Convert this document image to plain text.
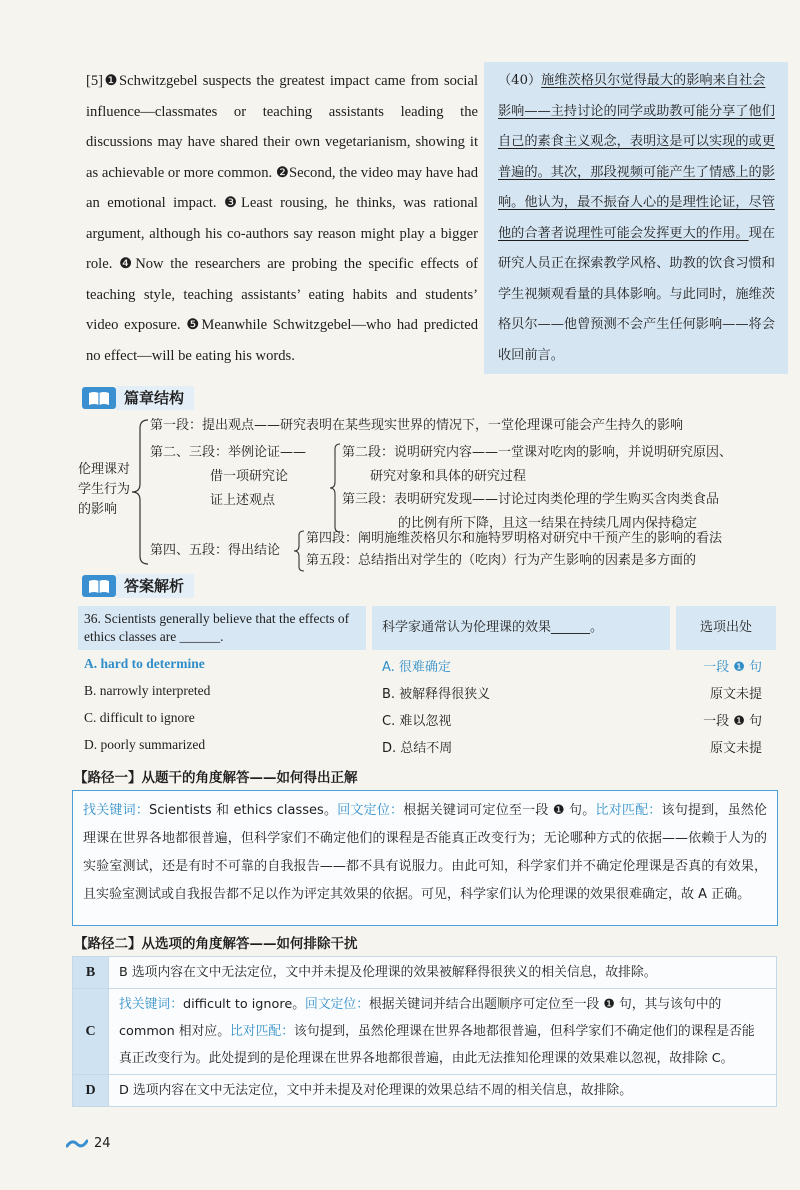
[5]❶Schwitzgebel suspects the greatest impact came from social influence—classmates or teaching assistants leading the discussions may have shared their own vegetarianism, showing it as achievable or more common. ❷Second, the video may have had an emotional impact. ❸Least rousing, he thinks, was rational argument, although his co-authors say reason might play a bigger role. ❹Now the researchers are probing the specific effects of teaching style, teaching assistants’ eating habits and students’ video exposure. ❺Meanwhile Schwitzgebel—who had predicted no effect—will be eating his words.
（40）施维茨格贝尔觉得最大的影响来自社会影响——主持讨论的同学或助教可能分享了他们自己的素食主义观念，表明这是可以实现的或更普遍的。其次，那段视频可能产生了情感上的影响。他认为，最不振奋人心的是理性论证，尽管他的合著者说理性可能会发挥更大的作用。现在研究人员正在探索教学风格、助教的饮食习惯和学生视频观看量的具体影响。与此同时，施维茨格贝尔——他曾预测不会产生任何影响——将会收回前言。
篇章结构
伦理课对
学生行为
的影响
第一段：提出观点——研究表明在某些现实世界的情况下，一堂伦理课可能会产生持久的影响
第二、三段：举例论证——
借一项研究论
证上述观点
第二段：说明研究内容——一堂课对吃肉的影响，并说明研究原因、
研究对象和具体的研究过程
第三段：表明研究发现——讨论过肉类伦理的学生购买含肉类食品
的比例有所下降，且这一结果在持续几周内保持稳定
第四、五段：得出结论
第四段：阐明施维茨格贝尔和施特罗明格对研究中干预产生的影响的看法
第五段：总结指出对学生的（吃肉）行为产生影响的因素是多方面的
答案解析
36. Scientists generally believe that the effects of
ethics classes are ______.
科学家通常认为伦理课的效果______。	选项出处
A. hard to determine	A. 很难确定	一段 ❶ 句
B. narrowly interpreted	B. 被解释得很狭义	原文未提
C. difficult to ignore	C. 难以忽视	一段 ❶ 句
D. poorly summarized	D. 总结不周	原文未提
【路径一】从题干的角度解答——如何得出正解
找关键词：Scientists 和 ethics classes。回文定位：根据关键词可定位至一段 ❶ 句。比对匹配：该句提到，虽然伦理课在世界各地都很普遍，但科学家们不确定他们的课程是否能真正改变行为；无论哪种方式的依据——依赖于人为的实验室测试，还是有时不可靠的自我报告——都不具有说服力。由此可知，科学家们并不确定伦理课是否真的有效果，且实验室测试或自我报告都不足以作为评定其效果的依据。可见，科学家们认为伦理课的效果很难确定，故 A 正确。
【路径二】从选项的角度解答——如何排除干扰
B	B 选项内容在文中无法定位，文中并未提及伦理课的效果被解释得很狭义的相关信息，故排除。
C	找关键词：difficult to ignore。回文定位：根据关键词并结合出题顺序可定位至一段 ❶ 句，其与该句中的 common 相对应。比对匹配：该句提到，虽然伦理课在世界各地都很普遍，但科学家们不确定他们的课程是否能真正改变行为。此处提到的是伦理课在世界各地都很普遍，由此无法推知伦理课的效果难以忽视，故排除 C。
D	D 选项内容在文中无法定位，文中并未提及对伦理课的效果总结不周的相关信息，故排除。
24
